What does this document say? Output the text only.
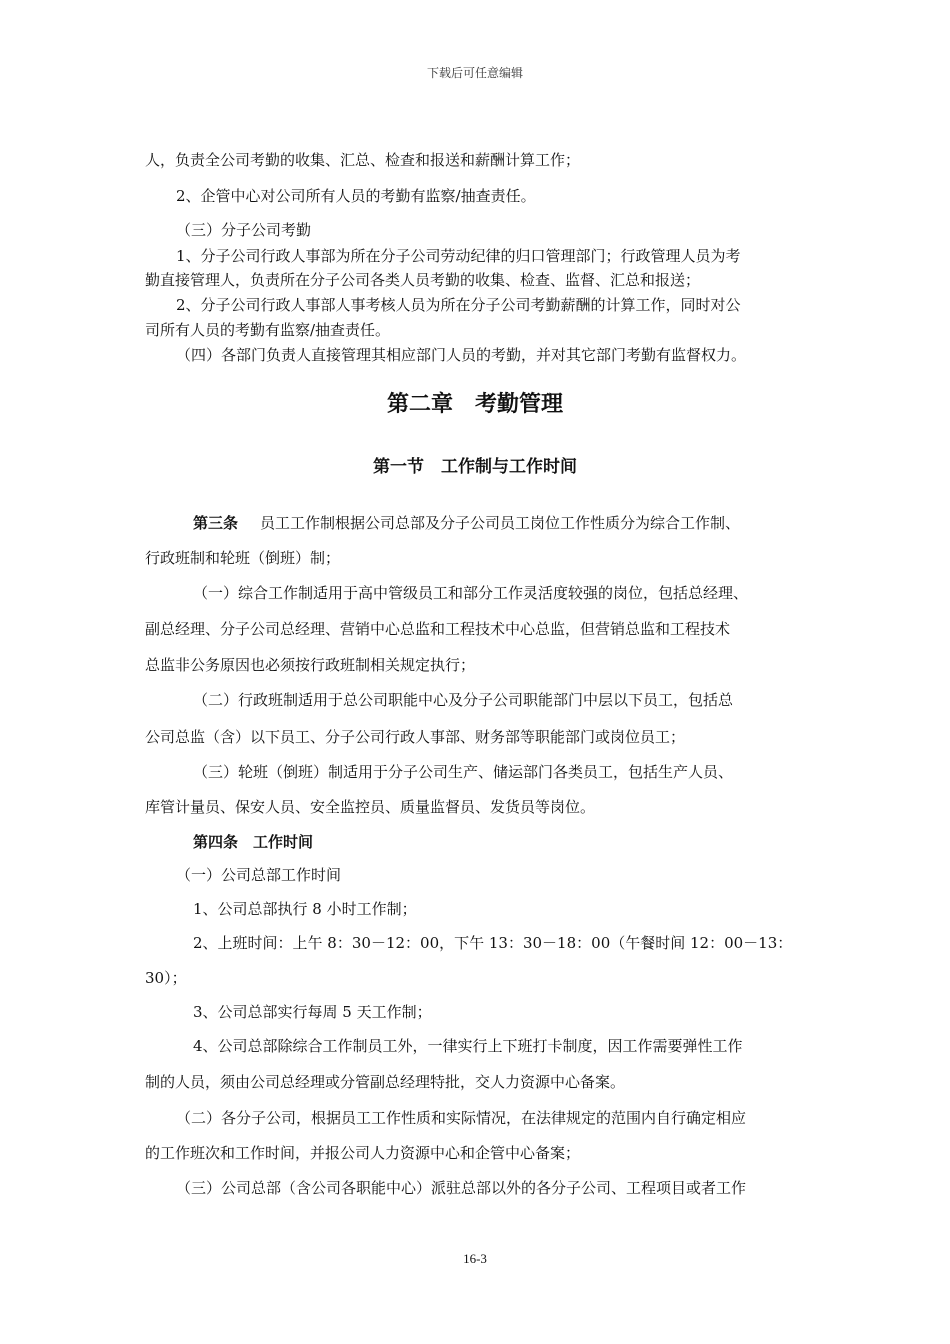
下载后可任意编辑
人，负责全公司考勤的收集、汇总、检查和报送和薪酬计算工作；
2、企管中心对公司所有人员的考勤有监察/抽查责任。
（三）分子公司考勤
1、分子公司行政人事部为所在分子公司劳动纪律的归口管理部门；行政管理人员为考
勤直接管理人，负责所在分子公司各类人员考勤的收集、检查、监督、汇总和报送；
2、分子公司行政人事部人事考核人员为所在分子公司考勤薪酬的计算工作，同时对公
司所有人员的考勤有监察/抽查责任。
（四）各部门负责人直接管理其相应部门人员的考勤，并对其它部门考勤有监督权力。
第二章　考勤管理
第一节　工作制与工作时间
第三条 员工工作制根据公司总部及分子公司员工岗位工作性质分为综合工作制、
行政班制和轮班（倒班）制；
（一）综合工作制适用于高中管级员工和部分工作灵活度较强的岗位，包括总经理、
副总经理、分子公司总经理、营销中心总监和工程技术中心总监，但营销总监和工程技术
总监非公务原因也必须按行政班制相关规定执行；
（二）行政班制适用于总公司职能中心及分子公司职能部门中层以下员工，包括总
公司总监（含）以下员工、分子公司行政人事部、财务部等职能部门或岗位员工；
（三）轮班（倒班）制适用于分子公司生产、储运部门各类员工，包括生产人员、
库管计量员、保安人员、安全监控员、质量监督员、发货员等岗位。
第四条　工作时间
（一）公司总部工作时间
1、公司总部执行 8 小时工作制；
2、上班时间：上午 8：30－12：00，下午 13：30－18：00（午餐时间 12：00－13：
30）；
3、公司总部实行每周 5 天工作制；
4、公司总部除综合工作制员工外，一律实行上下班打卡制度，因工作需要弹性工作
制的人员，须由公司总经理或分管副总经理特批，交人力资源中心备案。
（二）各分子公司，根据员工工作性质和实际情况，在法律规定的范围内自行确定相应
的工作班次和工作时间，并报公司人力资源中心和企管中心备案；
（三）公司总部（含公司各职能中心）派驻总部以外的各分子公司、工程项目或者工作
16-3
